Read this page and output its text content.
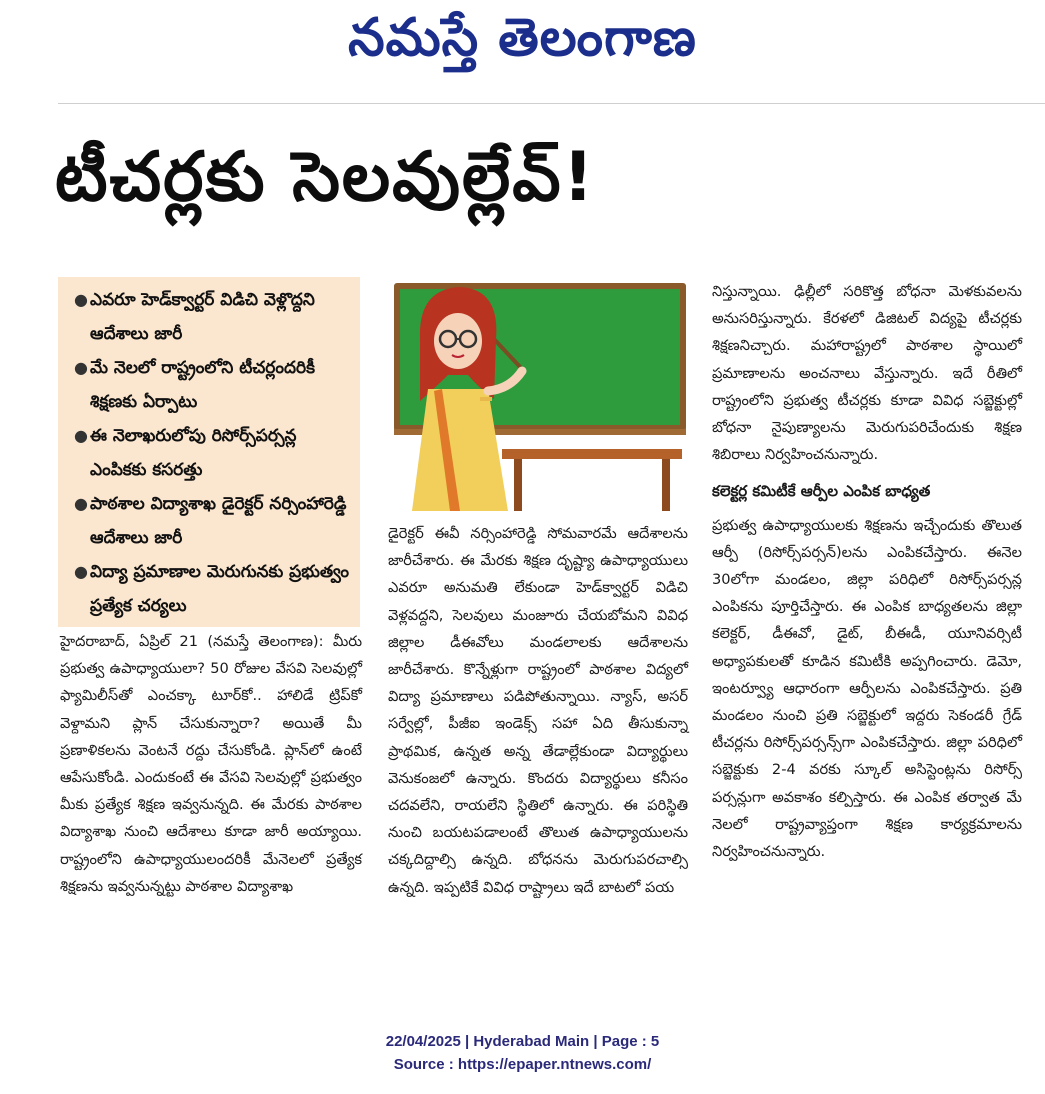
నమస్తే తెలంగాణ
టీచర్లకు సెలవుల్లేవ్!
● ఎవరూ హెడ్‌క్వార్టర్ విడిచి వెళ్లొద్దని ఆదేశాలు జారీ
● మే నెలలో రాష్ట్రంలోని టీచర్లందరికీ శిక్షణకు ఏర్పాటు
● ఈ నెలాఖరులోపు రిసోర్స్‌పర్సన్ల ఎంపికకు కసరత్తు
● పాఠశాల విద్యాశాఖ డైరెక్టర్ నర్సింహారెడ్డి ఆదేశాలు జారీ
● విద్యా ప్రమాణాల మెరుగునకు ప్రభుత్వం ప్రత్యేక చర్యలు

హైదరాబాద్, ఏప్రిల్ 21 (నమస్తే తెలంగాణ): మీరు ప్రభుత్వ ఉపాధ్యాయులా? 50 రోజుల వేసవి సెలవుల్లో ఫ్యామిలీస్‌తో ఎంచక్కా టూర్‌కో.. హాలిడే ట్రిప్‌కో వెళ్దామని ప్లాన్ చేసుకున్నారా? అయితే మీ ప్రణాళికలను వెంటనే రద్దు చేసుకోండి. ప్లాన్‌లో ఉంటే ఆపేసుకోండి. ఎందుకంటే ఈ వేసవి సెలవుల్లో ప్రభుత్వం మీకు ప్రత్యేక శిక్షణ ఇవ్వనున్నది. ఈ మేరకు పాఠశాల విద్యాశాఖ నుంచి ఆదేశాలు కూడా జారీ అయ్యాయి. రాష్ట్రంలోని ఉపాధ్యాయులందరికీ మేనెలలో ప్రత్యేక శిక్షణను ఇవ్వనున్నట్టు పాఠశాల విద్యాశాఖ

డైరెక్టర్ ఈవీ నర్సింహారెడ్డి సోమవారమే ఆదేశాలను జారీచేశారు. ఈ మేరకు శిక్షణ దృష్ట్యా ఉపాధ్యాయులు ఎవరూ అనుమతి లేకుండా హెడ్‌క్వార్టర్ విడిచి వెళ్లవద్దని, సెలవులు మంజూరు చేయబోమని వివిధ జిల్లాల డీఈవోలు మండలాలకు ఆదేశాలను జారీచేశారు. కొన్నేళ్లుగా రాష్ట్రంలో పాఠశాల విద్యలో విద్యా ప్రమాణాలు పడిపోతున్నాయి. న్యాస్, అసర్ సర్వేల్లో, పీజీఐ ఇండెక్స్ సహా ఏది తీసుకున్నా ప్రాథమిక, ఉన్నత అన్న తేడాల్లేకుండా విద్యార్థులు వెనుకంజలో ఉన్నారు. కొందరు విద్యార్థులు కనీసం చదవలేని, రాయలేని స్థితిలో ఉన్నారు. ఈ పరిస్థితి నుంచి బయటపడాలంటే తొలుత ఉపాధ్యాయులను చక్కదిద్దాల్సి ఉన్నది. బోధనను మెరుగుపరచాల్సి ఉన్నది. ఇప్పటికే వివిధ రాష్ట్రాలు ఇదే బాటలో పయ

నిస్తున్నాయి. ఢిల్లీలో సరికొత్త బోధనా మెళకువలను అనుసరిస్తున్నారు. కేరళలో డిజిటల్ విద్యపై టీచర్లకు శిక్షణనిచ్చారు. మహారాష్ట్రలో పాఠశాల స్థాయిలో ప్రమాణాలను అంచనాలు వేస్తున్నారు. ఇదే రీతిలో రాష్ట్రంలోని ప్రభుత్వ టీచర్లకు కూడా వివిధ సబ్జెక్టుల్లో బోధనా నైపుణ్యాలను మెరుగుపరిచేందుకు శిక్షణ శిబిరాలు నిర్వహించనున్నారు.

కలెక్టర్ల కమిటీకే ఆర్పీల ఎంపిక బాధ్యత

ప్రభుత్వ ఉపాధ్యాయులకు శిక్షణను ఇచ్చేందుకు తొలుత ఆర్పీ (రిసోర్స్‌పర్సన్)లను ఎంపికచేస్తారు. ఈనెల 30లోగా మండలం, జిల్లా పరిధిలో రిసోర్స్‌పర్సన్ల ఎంపికను పూర్తిచేస్తారు. ఈ ఎంపిక బాధ్యతలను జిల్లా కలెక్టర్, డీఈవో, డైట్, బీఈడీ, యూనివర్సిటీ అధ్యాపకులతో కూడిన కమిటీకి అప్పగించారు. డెమో, ఇంటర్వ్యూ ఆధారంగా ఆర్పీలను ఎంపికచేస్తారు. ప్రతి మండలం నుంచి ప్రతి సబ్జెక్టులో ఇద్దరు సెకండరీ గ్రేడ్ టీచర్లను రిసోర్స్‌పర్సన్స్‌గా ఎంపికచేస్తారు. జిల్లా పరిధిలో సబ్జెక్టుకు 2-4 వరకు స్కూల్ అసిస్టెంట్లను రిసోర్స్ పర్సన్లుగా అవకాశం కల్పిస్తారు. ఈ ఎంపిక తర్వాత మే నెలలో రాష్ట్రవ్యాప్తంగా శిక్షణ కార్యక్రమాలను నిర్వహించనున్నారు.

22/04/2025 | Hyderabad Main | Page : 5
Source : https://epaper.ntnews.com/
